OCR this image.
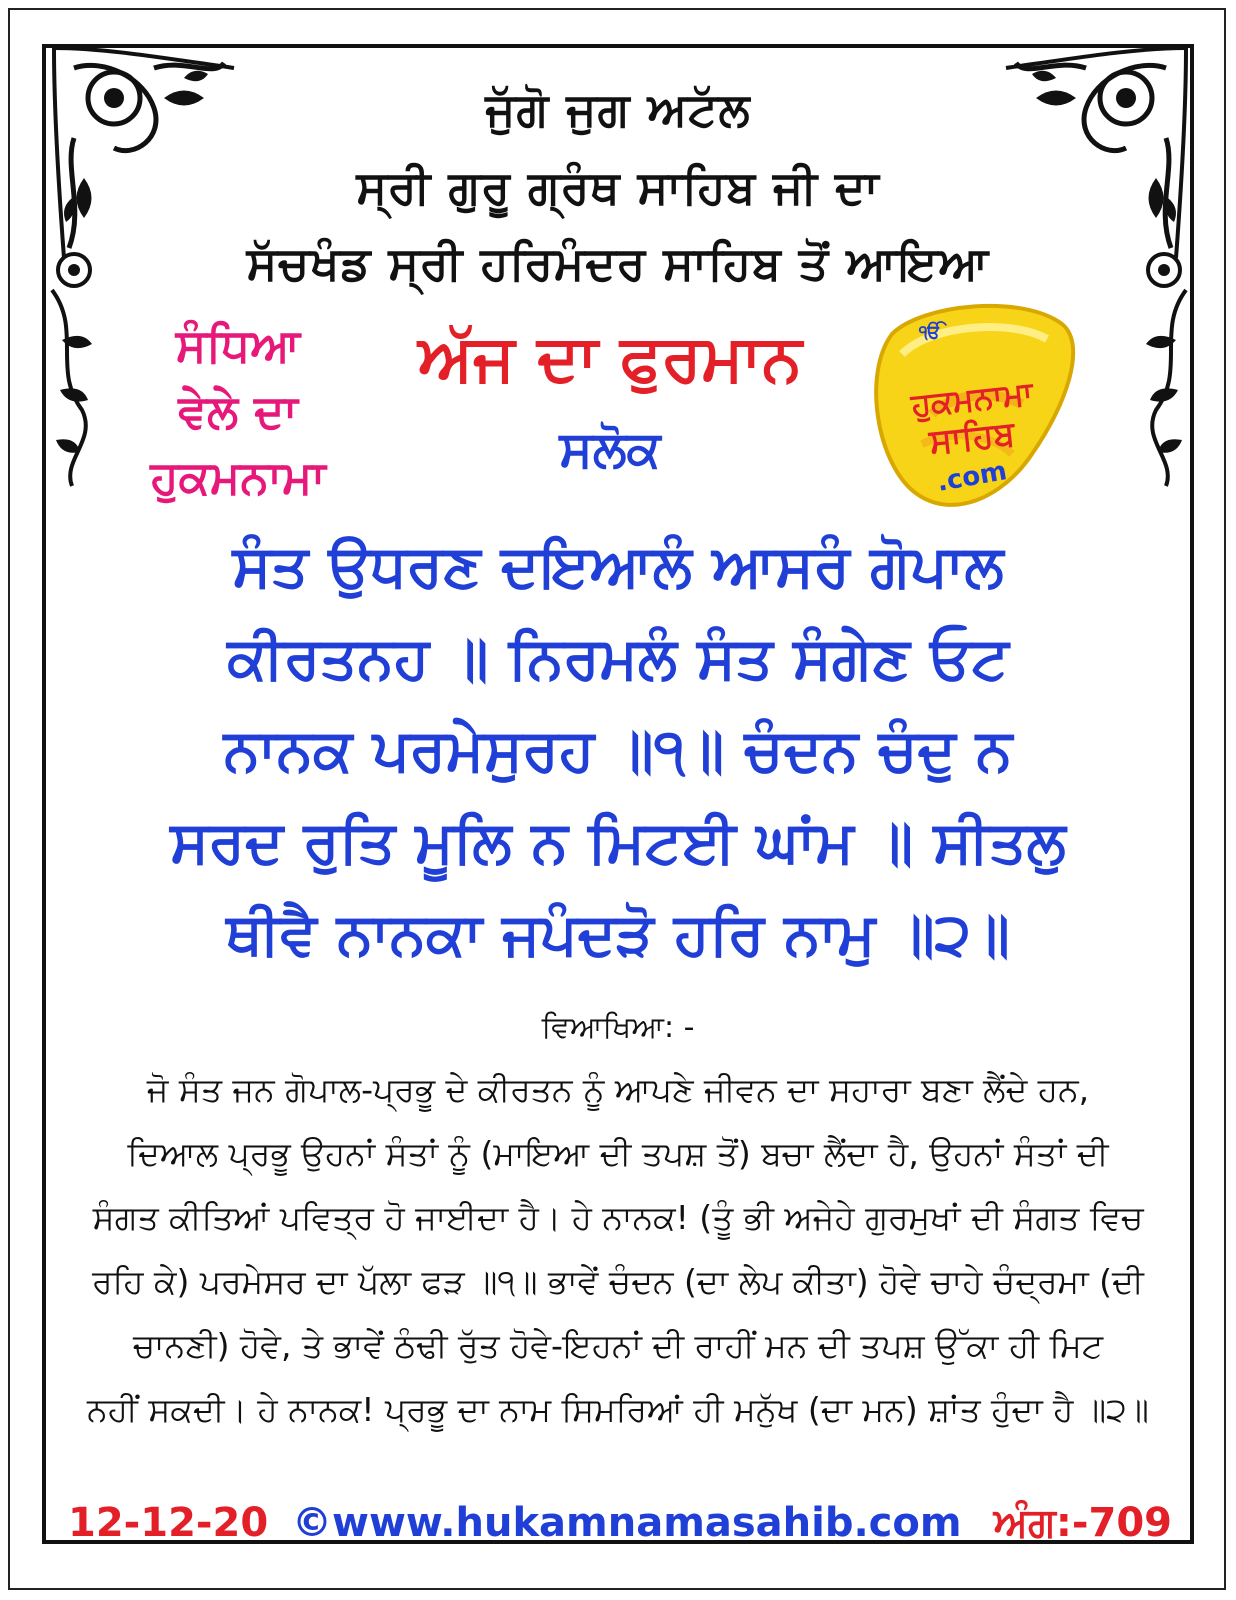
ਜੁੱਗੋ ਜੁਗ ਅਟੱਲ
ਸ੍ਰੀ ਗੁਰੂ ਗ੍ਰੰਥ ਸਾਹਿਬ ਜੀ ਦਾ
ਸੱਚਖੰਡ ਸ੍ਰੀ ਹਰਿਮੰਦਰ ਸਾਹਿਬ ਤੋਂ ਆਇਆ
ਸੰਧਿਆ
ਵੇਲੇ ਦਾ
ਹੁਕਮਨਾਮਾ
ਅੱਜ ਦਾ ਫੁਰਮਾਨ
ਸਲੋਕ
ੴ
ਹੁਕਮਨਾਮਾ
ਸਾਹਿਬ
.com
ਸੰਤ ਉਧਰਣ ਦਇਆਲੰ ਆਸਰੰ ਗੋਪਾਲ
ਕੀਰਤਨਹ ॥ ਨਿਰਮਲੰ ਸੰਤ ਸੰਗੇਣ ਓਟ
ਨਾਨਕ ਪਰਮੇਸੁਰਹ ॥੧॥ ਚੰਦਨ ਚੰਦੁ ਨ
ਸਰਦ ਰੁਤਿ ਮੂਲਿ ਨ ਮਿਟਈ ਘਾਂਮ ॥ ਸੀਤਲੁ
ਥੀਵੈ ਨਾਨਕਾ ਜਪੰਦੜੋ ਹਰਿ ਨਾਮੁ ॥੨॥
ਵਿਆਖਿਆ: -
ਜੋ ਸੰਤ ਜਨ ਗੋਪਾਲ-ਪ੍ਰਭੂ ਦੇ ਕੀਰਤਨ ਨੂੰ ਆਪਣੇ ਜੀਵਨ ਦਾ ਸਹਾਰਾ ਬਣਾ ਲੈਂਦੇ ਹਨ,
ਦਿਆਲ ਪ੍ਰਭੂ ਉਹਨਾਂ ਸੰਤਾਂ ਨੂੰ (ਮਾਇਆ ਦੀ ਤਪਸ਼ ਤੋਂ) ਬਚਾ ਲੈਂਦਾ ਹੈ, ਉਹਨਾਂ ਸੰਤਾਂ ਦੀ
ਸੰਗਤ ਕੀਤਿਆਂ ਪਵਿਤ੍ਰ ਹੋ ਜਾਈਦਾ ਹੈ। ਹੇ ਨਾਨਕ! (ਤੂੰ ਭੀ ਅਜੇਹੇ ਗੁਰਮੁਖਾਂ ਦੀ ਸੰਗਤ ਵਿਚ
ਰਹਿ ਕੇ) ਪਰਮੇਸਰ ਦਾ ਪੱਲਾ ਫੜ ॥੧॥ ਭਾਵੇਂ ਚੰਦਨ (ਦਾ ਲੇਪ ਕੀਤਾ) ਹੋਵੇ ਚਾਹੇ ਚੰਦ੍ਰਮਾ (ਦੀ
ਚਾਨਣੀ) ਹੋਵੇ, ਤੇ ਭਾਵੇਂ ਠੰਢੀ ਰੁੱਤ ਹੋਵੇ-ਇਹਨਾਂ ਦੀ ਰਾਹੀਂ ਮਨ ਦੀ ਤਪਸ਼ ਉੱਕਾ ਹੀ ਮਿਟ
ਨਹੀਂ ਸਕਦੀ। ਹੇ ਨਾਨਕ! ਪ੍ਰਭੂ ਦਾ ਨਾਮ ਸਿਮਰਿਆਂ ਹੀ ਮਨੁੱਖ (ਦਾ ਮਨ) ਸ਼ਾਂਤ ਹੁੰਦਾ ਹੈ ॥੨॥
12-12-20 ©www.hukamnamasahib.com ਅੰਗ:-709
